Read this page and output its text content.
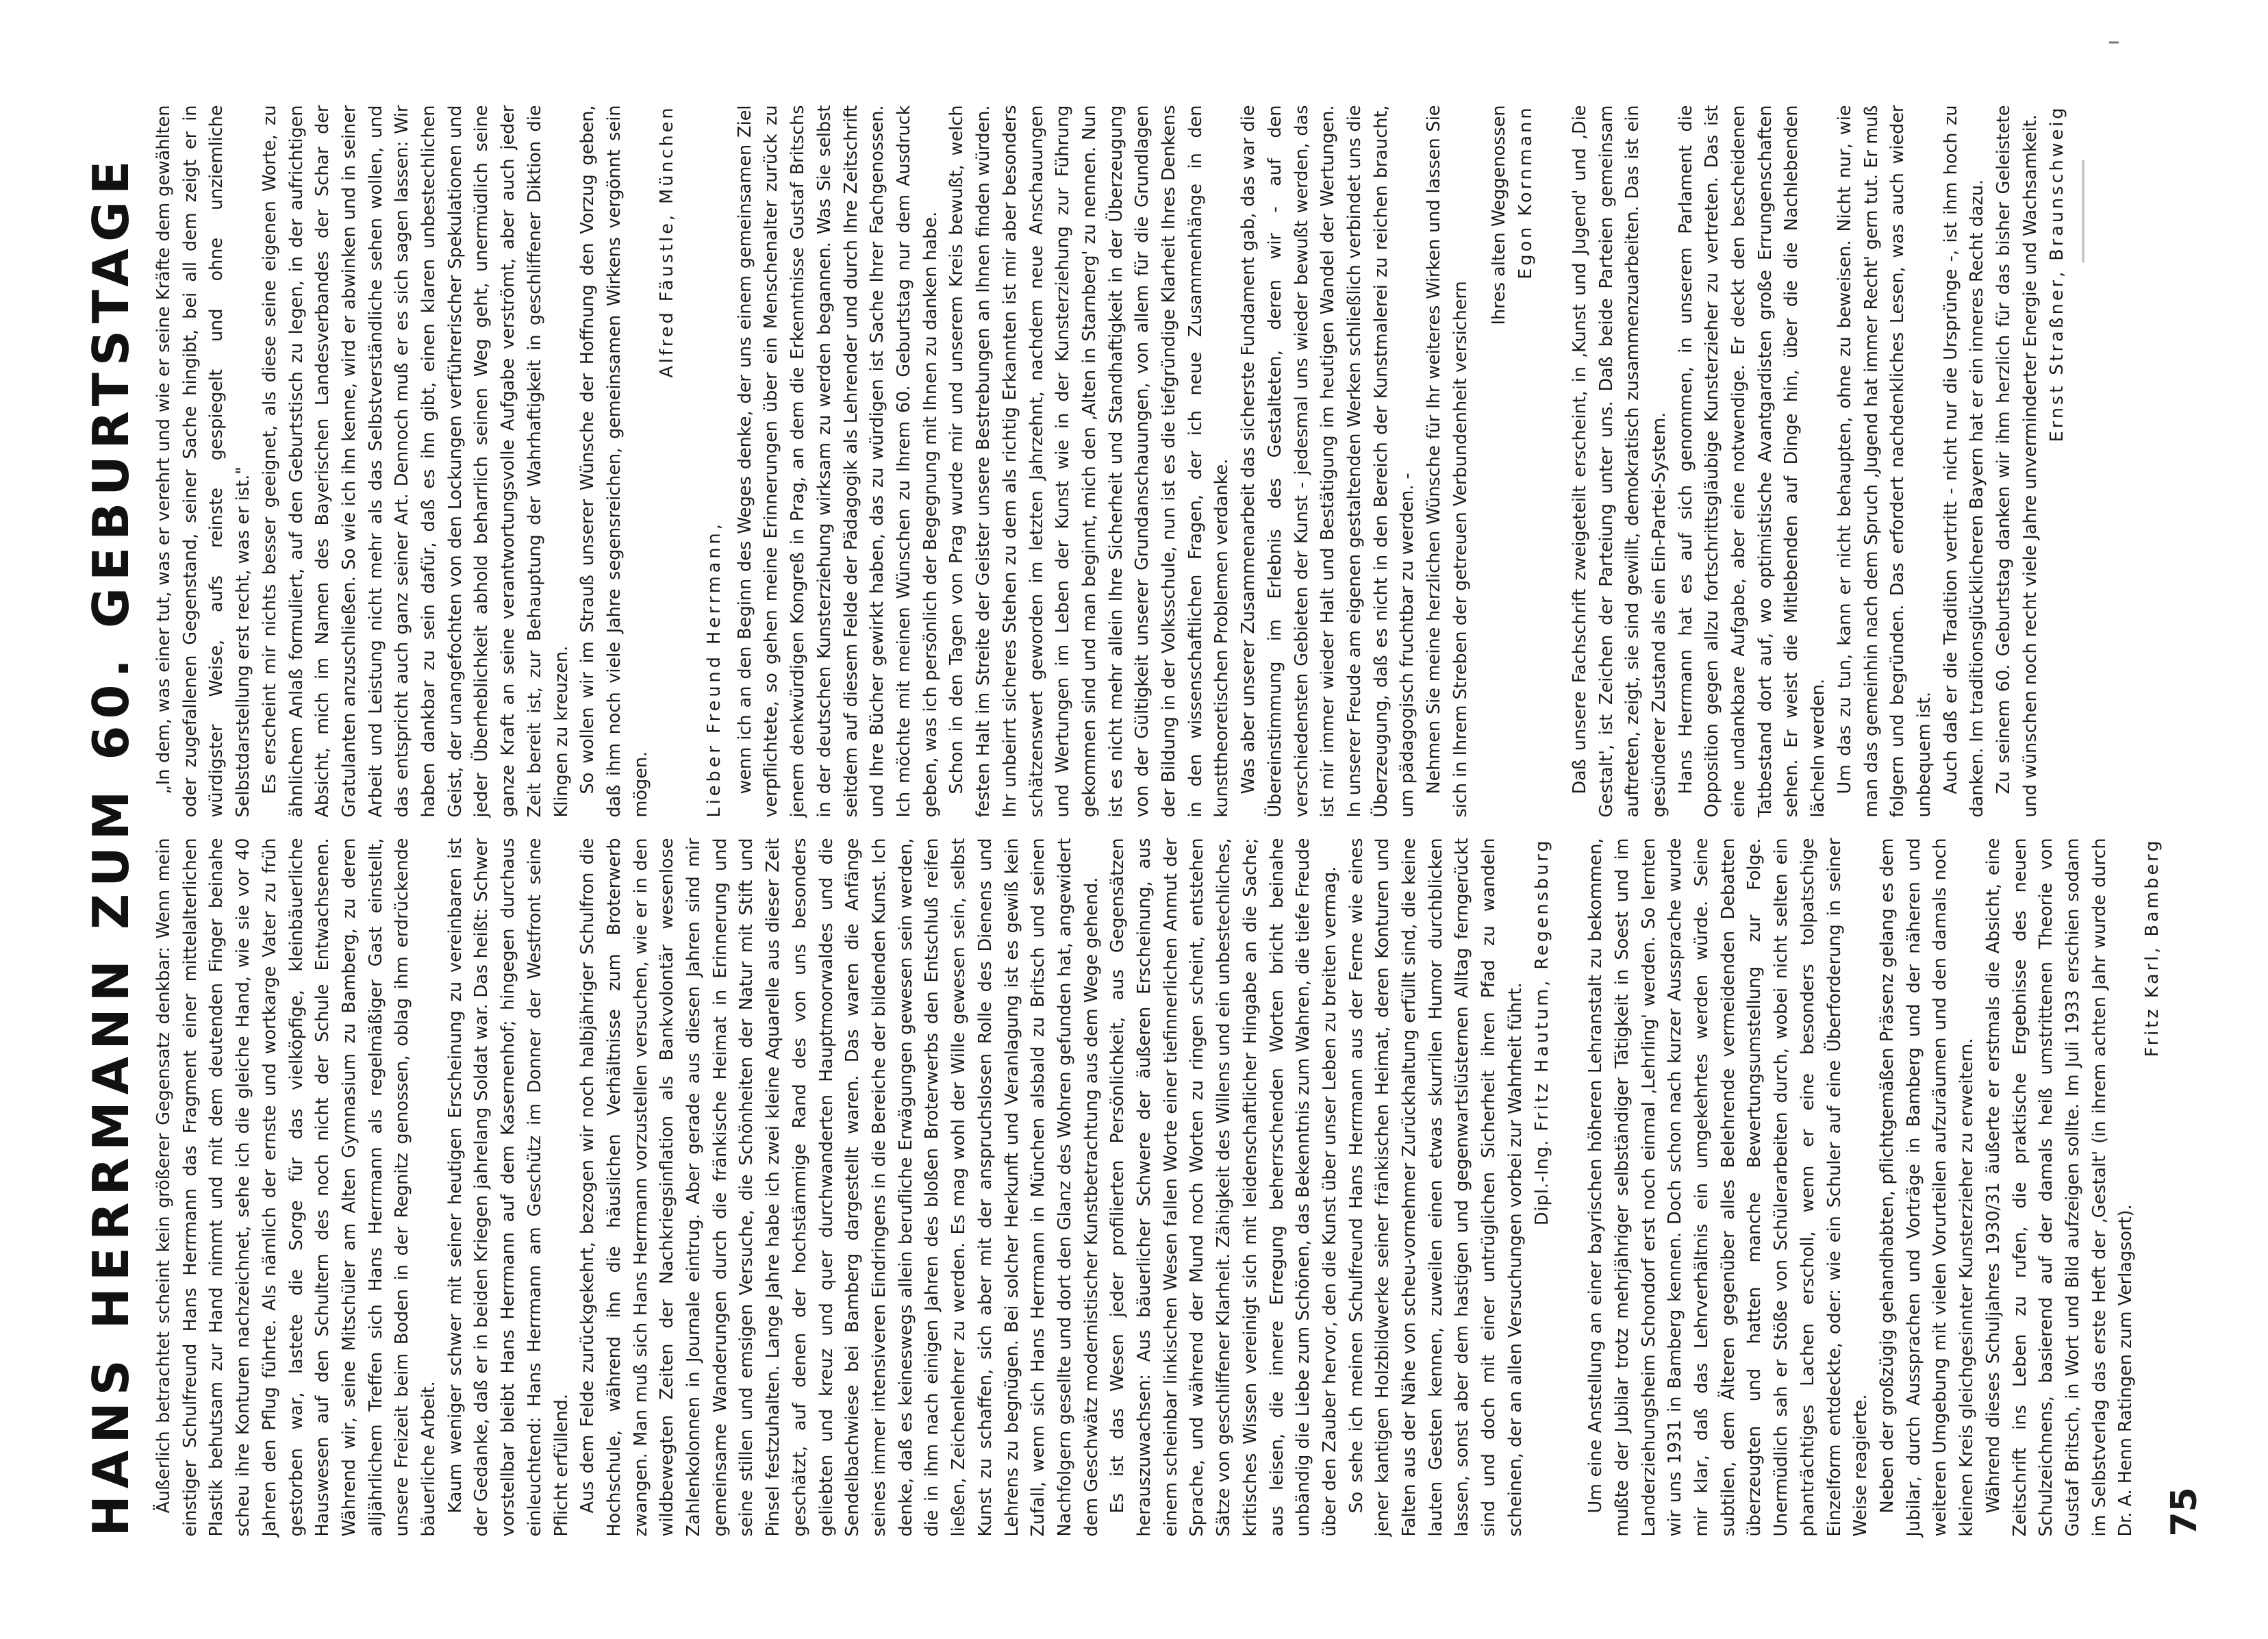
HANS HERRMANN ZUM 60. GEBURTSTAGE Äußerlich betrachtet scheint kein größerer Gegensatz denkbar: Wenn mein einstiger Schulfreund Hans Herrmann das Fragment einer mittelalterlichen Plastik behutsam zur Hand nimmt und mit dem deutenden Finger beinahe scheu ihre Konturen nachzeichnet, sehe ich die gleiche Hand, wie sie vor 40 Jahren den Pflug führte. Als nämlich der ernste und wortkarge Vater zu früh gestorben war, lastete die Sorge für das vielköpfige, kleinbäuerliche Hauswesen auf den Schultern des noch nicht der Schule Entwachsenen. Während wir, seine Mitschüler am Alten Gymnasium zu Bamberg, zu deren alljährlichem Treffen sich Hans Herrmann als regelmäßiger Gast einstellt, unsere Freizeit beim Boden in der Regnitz genossen, oblag ihm erdrückende bäuerliche Arbeit. Kaum weniger schwer mit seiner heutigen Erscheinung zu vereinbaren ist der Gedanke, daß er in beiden Kriegen jahrelang Soldat war. Das heißt: Schwer vorstellbar bleibt Hans Herrmann auf dem Kasernenhof; hingegen durchaus einleuchtend: Hans Herrmann am Geschütz im Donner der Westfront seine Pflicht erfüllend. Aus dem Felde zurückgekehrt, bezogen wir noch halbjähriger Schulfron die Hochschule, während ihn die häuslichen Verhältnisse zum Broterwerb zwangen. Man muß sich Hans Herrmann vorzustellen versuchen, wie er in den wildbewegten Zeiten der Nachkriegsinflation als Bankvolontär wesenlose Zahlenkolonnen in Journale eintrug. Aber gerade aus diesen Jahren sind mir gemeinsame Wanderungen durch die fränkische Heimat in Erinnerung und seine stillen und emsigen Versuche, die Schönheiten der Natur mit Stift und Pinsel festzuhalten. Lange Jahre habe ich zwei kleine Aquarelle aus dieser Zeit geschätzt, auf denen der hochstämmige Rand des von uns besonders geliebten und kreuz und quer durchwanderten Hauptmoorwaldes und die Sendelbachwiese bei Bamberg dargestellt waren. Das waren die Anfänge seines immer intensiveren Eindringens in die Bereiche der bildenden Kunst. Ich denke, daß es keineswegs allein berufliche Erwägungen gewesen sein werden, die in ihm nach einigen Jahren des bloßen Broterwerbs den Entschluß reifen ließen, Zeichenlehrer zu werden. Es mag wohl der Wille gewesen sein, selbst Kunst zu schaffen, sich aber mit der anspruchslosen Rolle des Dienens und Lehrens zu begnügen. Bei solcher Herkunft und Veranlagung ist es gewiß kein Zufall, wenn sich Hans Herrmann in München alsbald zu Britsch und seinen Nachfolgern gesellte und dort den Glanz des Wohren gefunden hat, angewidert dem Geschwätz modernistischer Kunstbetrachtung aus dem Wege gehend. Es ist das Wesen jeder profilierten Persönlichkeit, aus Gegensätzen herauszuwachsen: Aus bäuerlicher Schwere der äußeren Erscheinung, aus einem scheinbar linkischen Wesen fallen Worte einer tiefinnerlichen Anmut der Sprache, und während der Mund noch Worten zu ringen scheint, entstehen Sätze von geschliffener Klarheit. Zähigkeit des Willens und ein unbestechliches, kritisches Wissen vereinigt sich mit leidenschaftlicher Hingabe an die Sache; aus leisen, die innere Erregung beherrschenden Worten bricht beinahe unbändig die Liebe zum Schönen, das Bekenntnis zum Wahren, die tiefe Freude über den Zauber hervor, den die Kunst über unser Leben zu breiten vermag. So sehe ich meinen Schulfreund Hans Herrmann aus der Ferne wie eines jener kantigen Holzbildwerke seiner fränkischen Heimat, deren Konturen und Falten aus der Nähe von scheu-vornehmer Zurückhaltung erfüllt sind, die keine lauten Gesten kennen, zuweilen einen etwas skurrilen Humor durchblicken lassen, sonst aber dem hastigen und gegenwartslüsternen Alltag ferngerückt sind und doch mit einer untrüglichen Sicherheit ihren Pfad zu wandeln scheinen, der an allen Versuchungen vorbei zur Wahrheit führt. Dipl.-Ing. Fritz Hautum, Regensburg Um eine Anstellung an einer bayrischen höheren Lehranstalt zu bekommen, mußte der Jubilar trotz mehrjähriger selbständiger Tätigkeit in Soest und im Landerziehungsheim Schondorf erst noch einmal ‚Lehrling' werden. So lernten wir uns 1931 in Bamberg kennen. Doch schon nach kurzer Aussprache wurde mir klar, daß das Lehrverhältnis ein umgekehrtes werden würde. Seine subtilen, dem Älteren gegenüber alles Belehrende vermeidenden Debatten überzeugten und hatten manche Bewertungsumstellung zur Folge. Unermüdlich sah er Stöße von Schülerarbeiten durch, wobei nicht selten ein phanträchtiges Lachen erscholl, wenn er eine besonders tolpatschige Einzelform entdeckte, oder: wie ein Schuler auf eine Überforderung in seiner Weise reagierte. Neben der großzügig gehandhabten, pflichtgemäßen Präsenz gelang es dem Jubilar, durch Aussprachen und Vorträge in Bamberg und der näheren und weiteren Umgebung mit vielen Vorurteilen aufzuräumen und den damals noch kleinen Kreis gleichgesinnter Kunsterzieher zu erweitern. Während dieses Schuljahres 1930/31 äußerte er erstmals die Absicht, eine Zeitschrift ins Leben zu rufen, die praktische Ergebnisse des neuen Schulzeichnens, basierend auf der damals heiß umstrittenen Theorie von Gustaf Britsch, in Wort und Bild aufzeigen sollte. Im Juli 1933 erschien sodann im Selbstverlag das erste Heft der ‚Gestalt' (in ihrem achten Jahr wurde durch Dr. A. Henn Ratingen zum Verlagsort).

Fritz Karl, Bamberg

„In dem, was einer tut, was er verehrt und wie er seine Kräfte dem gewählten oder zugefallenen Gegenstand, seiner Sache hingibt, bei all dem zeigt er in würdigster Weise, aufs reinste gespiegelt und ohne unziemliche Selbstdarstellung erst recht, was er ist." Es erscheint mir nichts besser geeignet, als diese seine eigenen Worte, zu ähnlichem Anlaß formuliert, auf den Geburtstisch zu legen, in der aufrichtigen Absicht, mich im Namen des Bayerischen Landesverbandes der Schar der Gratulanten anzuschließen. So wie ich ihn kenne, wird er abwinken und in seiner Arbeit und Leistung nicht mehr als das Selbstverständliche sehen wollen, und das entspricht auch ganz seiner Art. Dennoch muß er es sich sagen lassen: Wir haben dankbar zu sein dafür, daß es ihn gibt, einen klaren unbestechlichen Geist, der unangefochten von den Lockungen verführerischer Spekulationen und jeder Überheblichkeit abhold beharrlich seinen Weg geht, unermüdlich seine ganze Kraft an seine verantwortungsvolle Aufgabe verströmt, aber auch jeder Zeit bereit ist, zur Behauptung der Wahrhaftigkeit in geschliffener Diktion die Klingen zu kreuzen. So wollen wir im Strauß unserer Wünsche der Hoffnung den Vorzug geben, daß ihm noch viele Jahre segensreichen, gemeinsamen Wirkens vergönnt sein mögen.

Alfred Fäustle, München

Lieber Freund Herrmann, wenn ich an den Beginn des Weges denke, der uns einem gemeinsamen Ziel verpflichtete, so gehen meine Erinnerungen über ein Menschenalter zurück zu jenem denkwürdigen Kongreß in Prag, an dem die Erkenntnisse Gustaf Britschs in der deutschen Kunsterziehung wirksam zu werden begannen. Was Sie selbst seitdem auf diesem Felde der Pädagogik als Lehrender und durch Ihre Zeitschrift und Ihre Bücher gewirkt haben, das zu würdigen ist Sache Ihrer Fachgenossen. Ich möchte mit meinen Wünschen zu Ihrem 60. Geburtstag nur dem Ausdruck geben, was ich persönlich der Begegnung mit Ihnen zu danken habe. Schon in den Tagen von Prag wurde mir und unserem Kreis bewußt, welch festen Halt im Streite der Geister unsere Bestrebungen an Ihnen finden würden. Ihr unbeirrt sicheres Stehen zu dem als richtig Erkannten ist mir aber besonders schätzenswert geworden im letzten Jahrzehnt, nachdem neue Anschauungen und Wertungen im Leben der Kunst wie in der Kunsterziehung zur Führung gekommen sind und man beginnt, mich den ‚Alten in Starnberg' zu nennen. Nun ist es nicht mehr allein Ihre Sicherheit und Standhaftigkeit in der Überzeugung von der Gültigkeit unserer Grundanschauungen, von allem für die Grundlagen der Bildung in der Volksschule, nun ist es die tiefgründige Klarheit Ihres Denkens in den wissenschaftlichen Fragen, der ich neue Zusammenhänge in den kunsttheoretischen Problemen verdanke. Was aber unserer Zusammenarbeit das sicherste Fundament gab, das war die Übereinstimmung im Erlebnis des Gestalteten, deren wir - auf den verschiedensten Gebieten der Kunst - jedesmal uns wieder bewußt werden, das ist mir immer wieder Halt und Bestätigung im heutigen Wandel der Wertungen. In unserer Freude am eigenen gestaltenden Werken schließlich verbindet uns die Überzeugung, daß es nicht in den Bereich der Kunstmalerei zu reichen braucht, um pädagogisch fruchtbar zu werden. - Nehmen Sie meine herzlichen Wünsche für Ihr weiteres Wirken und lassen Sie sich in Ihrem Streben der getreuen Verbundenheit versichern

Ihres alten Weggenossen Egon Kornmann Daß unsere Fachschrift zweigeteilt erscheint, in ‚Kunst und Jugend' und ‚Die Gestalt', ist Zeichen der Parteiung unter uns. Daß beide Parteien gemeinsam auftreten, zeigt, sie sind gewillt, demokratisch zusammenzuarbeiten. Das ist ein gesünderer Zustand als ein Ein-Partei-System. Hans Herrmann hat es auf sich genommen, in unserem Parlament die Opposition gegen allzu fortschrittsgläubige Kunsterzieher zu vertreten. Das ist eine undankbare Aufgabe, aber eine notwendige. Er deckt den bescheidenen Tatbestand dort auf, wo optimistische Avantgardisten große Errungenschaften sehen. Er weist die Mitlebenden auf Dinge hin, über die die Nachlebenden lächeln werden. Um das zu tun, kann er nicht behaupten, ohne zu beweisen. Nicht nur, wie man das gemeinhin nach dem Spruch ‚Jugend hat immer Recht' gern tut. Er muß folgern und begründen. Das erfordert nachdenkliches Lesen, was auch wieder unbequem ist. Auch daß er die Tradition vertritt - nicht nur die Ursprünge -, ist ihm hoch zu danken. Im traditionsglücklicheren Bayern hat er ein inneres Recht dazu. Zu seinem 60. Geburtstag danken wir ihm herzlich für das bisher Geleistete und wünschen noch recht viele Jahre unverminderter Energie und Wachsamkeit. Ernst Straßner, Braunschweig

75
